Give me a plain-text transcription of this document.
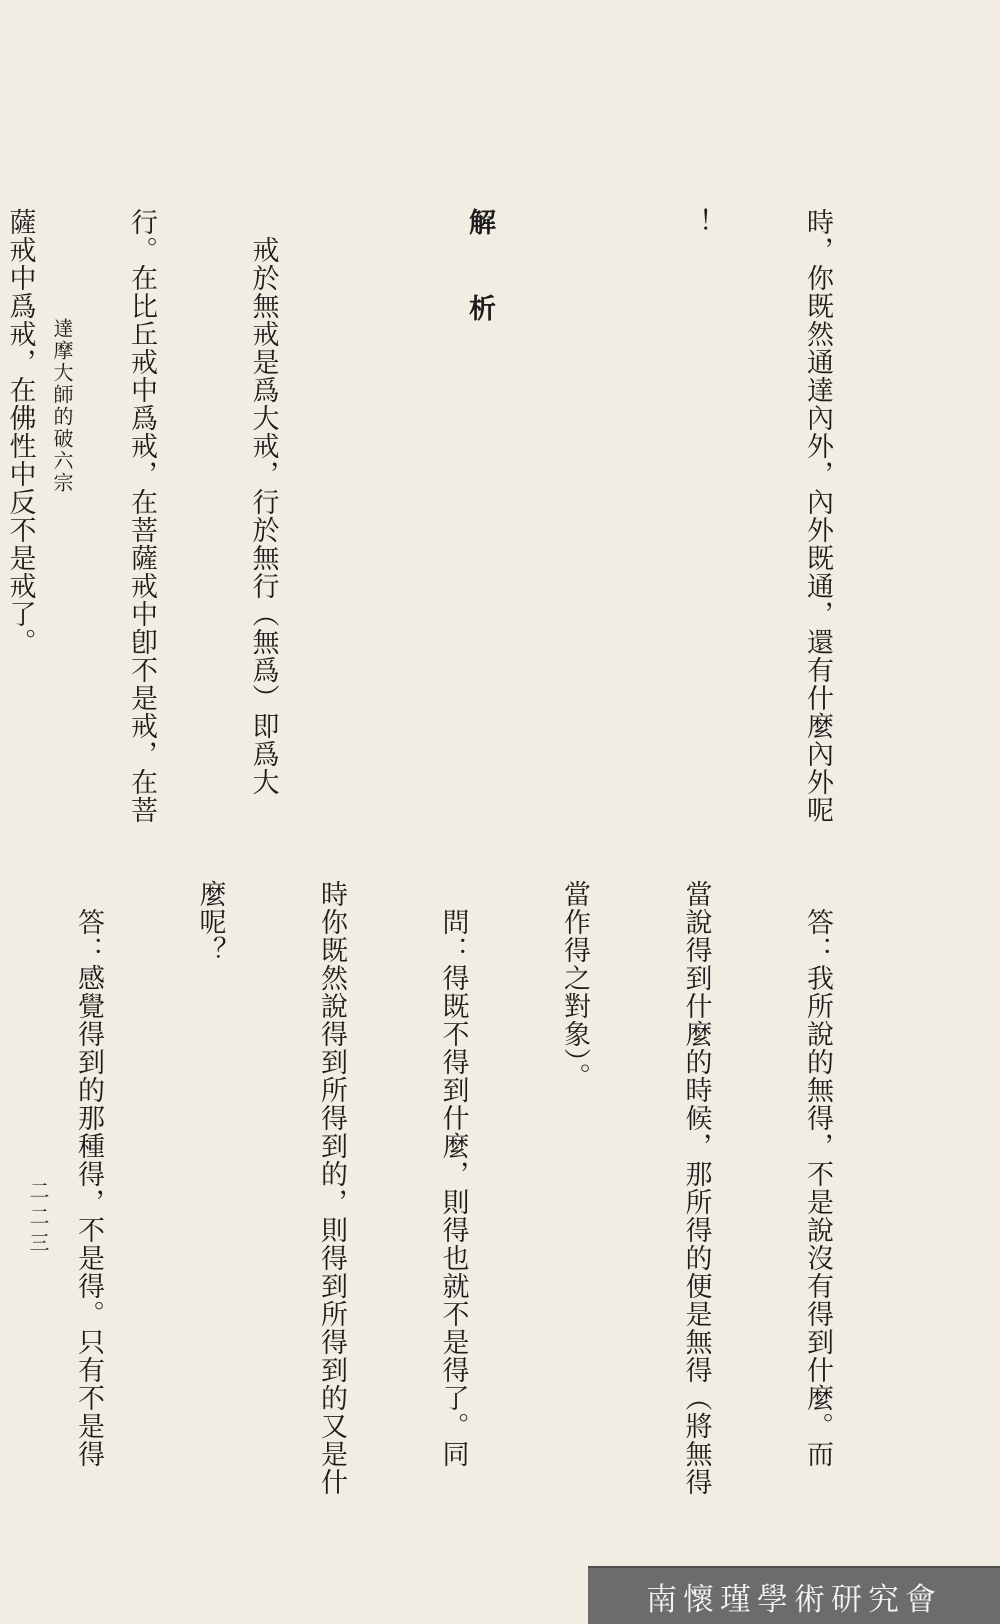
達摩大師的破六宗
二二三

時，你既然通達內外，內外既通，還有什麼內外呢

！

解　析

　戒於無戒是爲大戒，行於無行（無爲）即爲大

行。在比丘戒中爲戒，在菩薩戒中卽不是戒，在菩

薩戒中爲戒，在佛性中反不是戒了。

　答：我所說的無得，不是說沒有得到什麼。而

當說得到什麼的時候，那所得的便是無得（將無得

當作得之對象）。

　問：得既不得到什麼，則得也就不是得了。同

時你既然說得到所得到的，則得到所得到的又是什

麼呢？

　答：感覺得到的那種得，不是得。只有不是得

南懷瑾學術研究會
